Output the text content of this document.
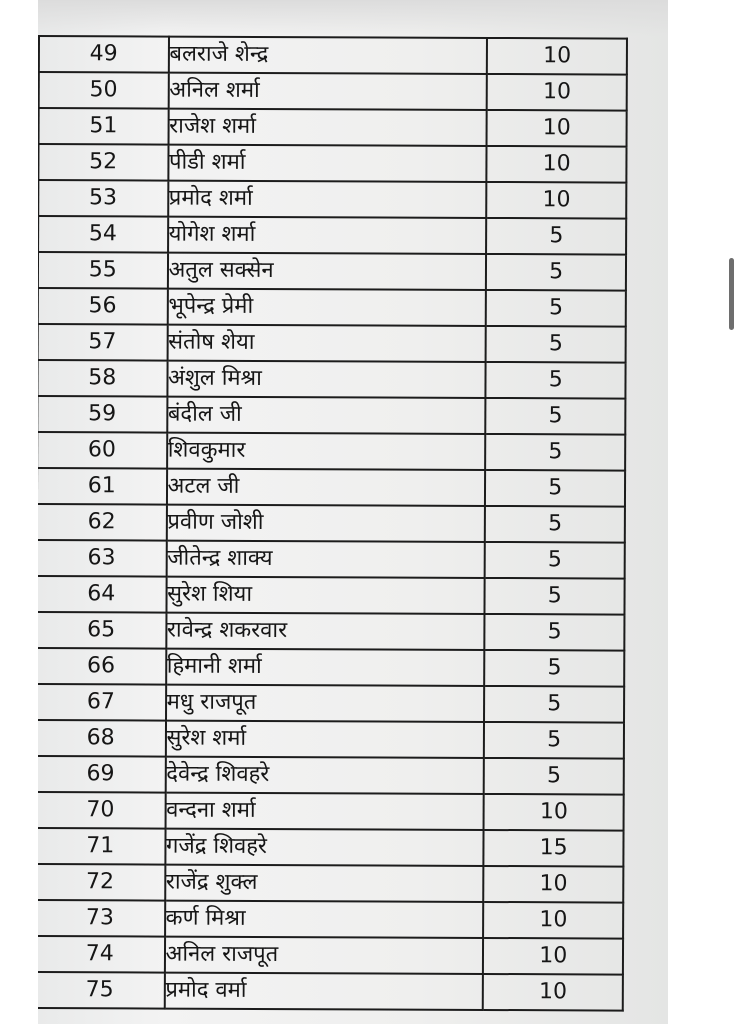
49	बलराजे शेन्द्र	10
50	अनिल शर्मा	10
51	राजेश शर्मा	10
52	पीडी शर्मा	10
53	प्रमोद शर्मा	10
54	योगेश शर्मा	5
55	अतुल सक्सेन	5
56	भूपेन्द्र प्रेमी	5
57	संतोष शेया	5
58	अंशुल मिश्रा	5
59	बंदील जी	5
60	शिवकुमार	5
61	अटल जी	5
62	प्रवीण जोशी	5
63	जीतेन्द्र शाक्य	5
64	सुरेश शिया	5
65	रावेन्द्र शकरवार	5
66	हिमानी शर्मा	5
67	मधु राजपूत	5
68	सुरेश शर्मा	5
69	देवेन्द्र शिवहरे	5
70	वन्दना शर्मा	10
71	गजेंद्र शिवहरे	15
72	राजेंद्र शुक्ल	10
73	कर्ण मिश्रा	10
74	अनिल राजपूत	10
75	प्रमोद वर्मा	10
